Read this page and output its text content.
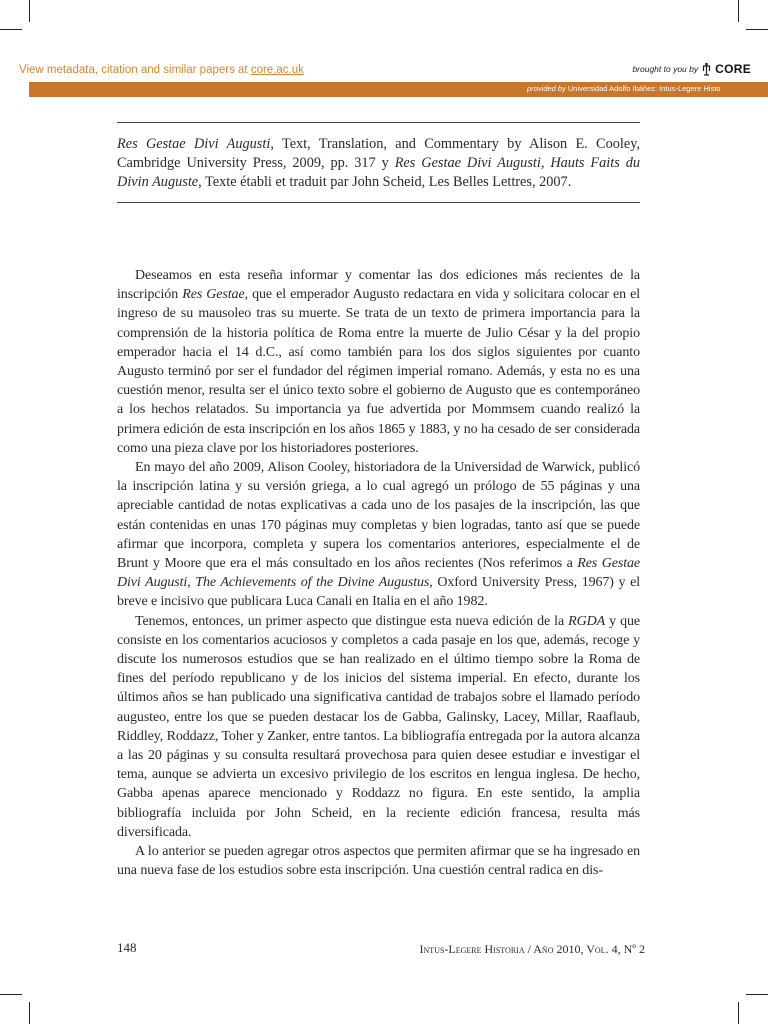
View metadata, citation and similar papers at core.ac.uk	brought to you by CORE
provided by Universidad Adolfo Ibáñez: Intus-Legere Histo
Res Gestae Divi Augusti, Text, Translation, and Commentary by Alison E. Cooley, Cambridge University Press, 2009, pp. 317 y Res Gestae Divi Augusti, Hauts Faits du Divin Auguste, Texte établi et traduit par John Scheid, Les Belles Lettres, 2007.

Deseamos en esta reseña informar y comentar las dos ediciones más recientes de la inscripción Res Gestae, que el emperador Augusto redactara en vida y solicitara colocar en el ingreso de su mausoleo tras su muerte. Se trata de un texto de primera importancia para la comprensión de la historia política de Roma entre la muerte de Julio César y la del propio emperador hacia el 14 d.C., así como también para los dos siglos siguientes por cuanto Augusto terminó por ser el fundador del régimen imperial romano. Además, y esta no es una cuestión menor, resulta ser el único texto sobre el gobierno de Augusto que es contemporáneo a los hechos relatados. Su importancia ya fue advertida por Mommsem cuando realizó la primera edición de esta inscripción en los años 1865 y 1883, y no ha cesado de ser considerada como una pieza clave por los historiadores posteriores.

En mayo del año 2009, Alison Cooley, historiadora de la Universidad de Warwick, publicó la inscripción latina y su versión griega, a lo cual agregó un prólogo de 55 páginas y una apreciable cantidad de notas explicativas a cada uno de los pasajes de la inscripción, las que están contenidas en unas 170 páginas muy completas y bien logradas, tanto así que se puede afirmar que incorpora, completa y supera los comentarios anteriores, especialmente el de Brunt y Moore que era el más consultado en los años recientes (Nos referimos a Res Gestae Divi Augusti, The Achievements of the Divine Augustus, Oxford University Press, 1967) y el breve e incisivo que publicara Luca Canali en Italia en el año 1982.

Tenemos, entonces, un primer aspecto que distingue esta nueva edición de la RGDA y que consiste en los comentarios acuciosos y completos a cada pasaje en los que, además, recoge y discute los numerosos estudios que se han realizado en el último tiempo sobre la Roma de fines del período republicano y de los inicios del sistema imperial. En efecto, durante los últimos años se han publicado una significativa cantidad de trabajos sobre el llamado período augusteo, entre los que se pueden destacar los de Gabba, Galinsky, Lacey, Millar, Raaflaub, Riddley, Roddazz, Toher y Zanker, entre tantos. La bibliografía entregada por la autora alcanza a las 20 páginas y su consulta resultará provechosa para quien desee estudiar e investigar el tema, aunque se advierta un excesivo privilegio de los escritos en lengua inglesa. De hecho, Gabba apenas aparece mencionado y Roddazz no figura. En este sentido, la amplia bibliografía incluida por John Scheid, en la reciente edición francesa, resulta más diversificada.

A lo anterior se pueden agregar otros aspectos que permiten afirmar que se ha ingresado en una nueva fase de los estudios sobre esta inscripción. Una cuestión central radica en dis-

148	Intus-Legere Historia / Año 2010, Vol. 4, Nº 2
